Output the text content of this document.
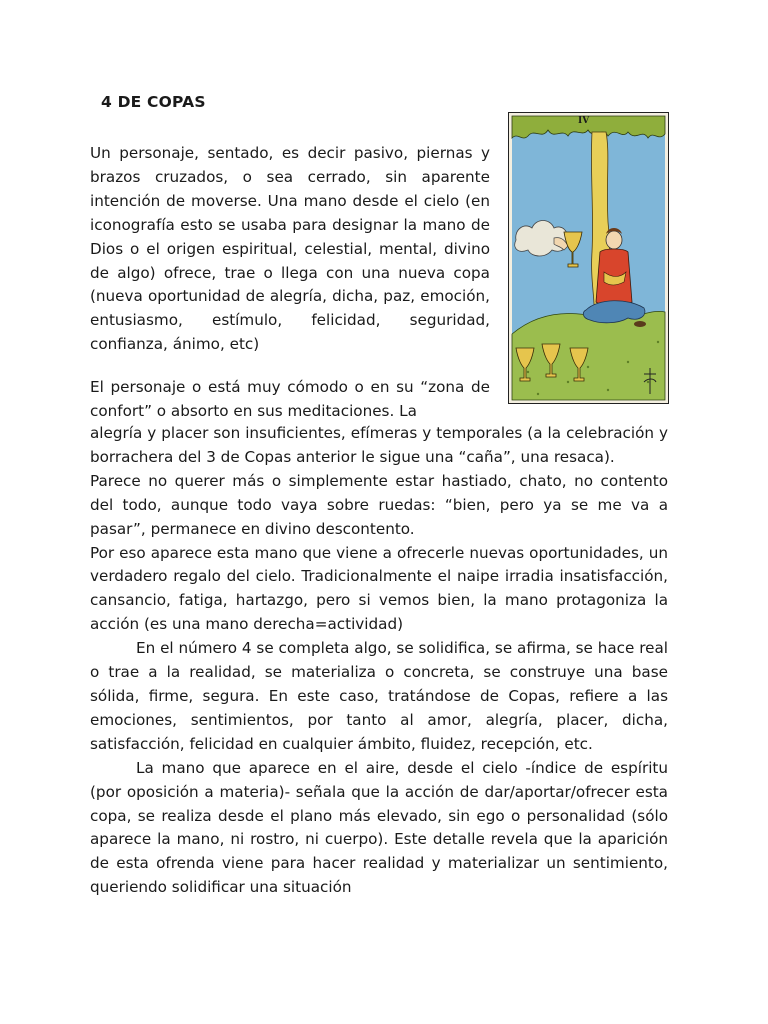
4 DE COPAS

Un personaje, sentado, es decir pasivo, piernas y brazos cruzados, o sea cerrado, sin aparente intención de moverse. Una mano desde el cielo (en iconografía esto se usaba para designar la mano de Dios o el origen espiritual, celestial, mental, divino de algo) ofrece, trae o llega con una nueva copa (nueva oportunidad de alegría, dicha, paz, emoción, entusiasmo, estímulo, felicidad, seguridad, confianza, ánimo, etc)

El personaje o está muy cómodo o en su “zona de confort” o absorto en sus meditaciones. La

alegría y placer son insuficientes, efímeras y temporales (a la celebración y borrachera del 3 de Copas anterior le sigue una “caña”, una resaca).

Parece no querer más o simplemente estar hastiado, chato, no contento del todo, aunque todo vaya sobre ruedas: “bien, pero ya se me va a pasar”, permanece en divino descontento.

Por eso aparece esta mano que viene a ofrecerle nuevas oportunidades, un verdadero regalo del cielo. Tradicionalmente el naipe irradia insatisfacción, cansancio, fatiga, hartazgo, pero si vemos bien, la mano protagoniza la acción (es una mano derecha=actividad)

En el número 4 se completa algo, se solidifica, se afirma, se hace real o trae a la realidad, se materializa o concreta, se construye una base sólida, firme, segura. En este caso, tratándose de Copas, refiere a las emociones, sentimientos, por tanto al amor, alegría, placer, dicha, satisfacción, felicidad en cualquier ámbito, fluidez, recepción, etc.

La mano que aparece en el aire, desde el cielo -índice de espíritu (por oposición a materia)- señala que la acción de dar/aportar/ofrecer esta copa, se realiza desde el plano más elevado, sin ego o personalidad (sólo aparece la mano, ni rostro, ni cuerpo). Este detalle revela que la aparición de esta ofrenda viene para hacer realidad y materializar un sentimiento, queriendo solidificar una situación

IV
